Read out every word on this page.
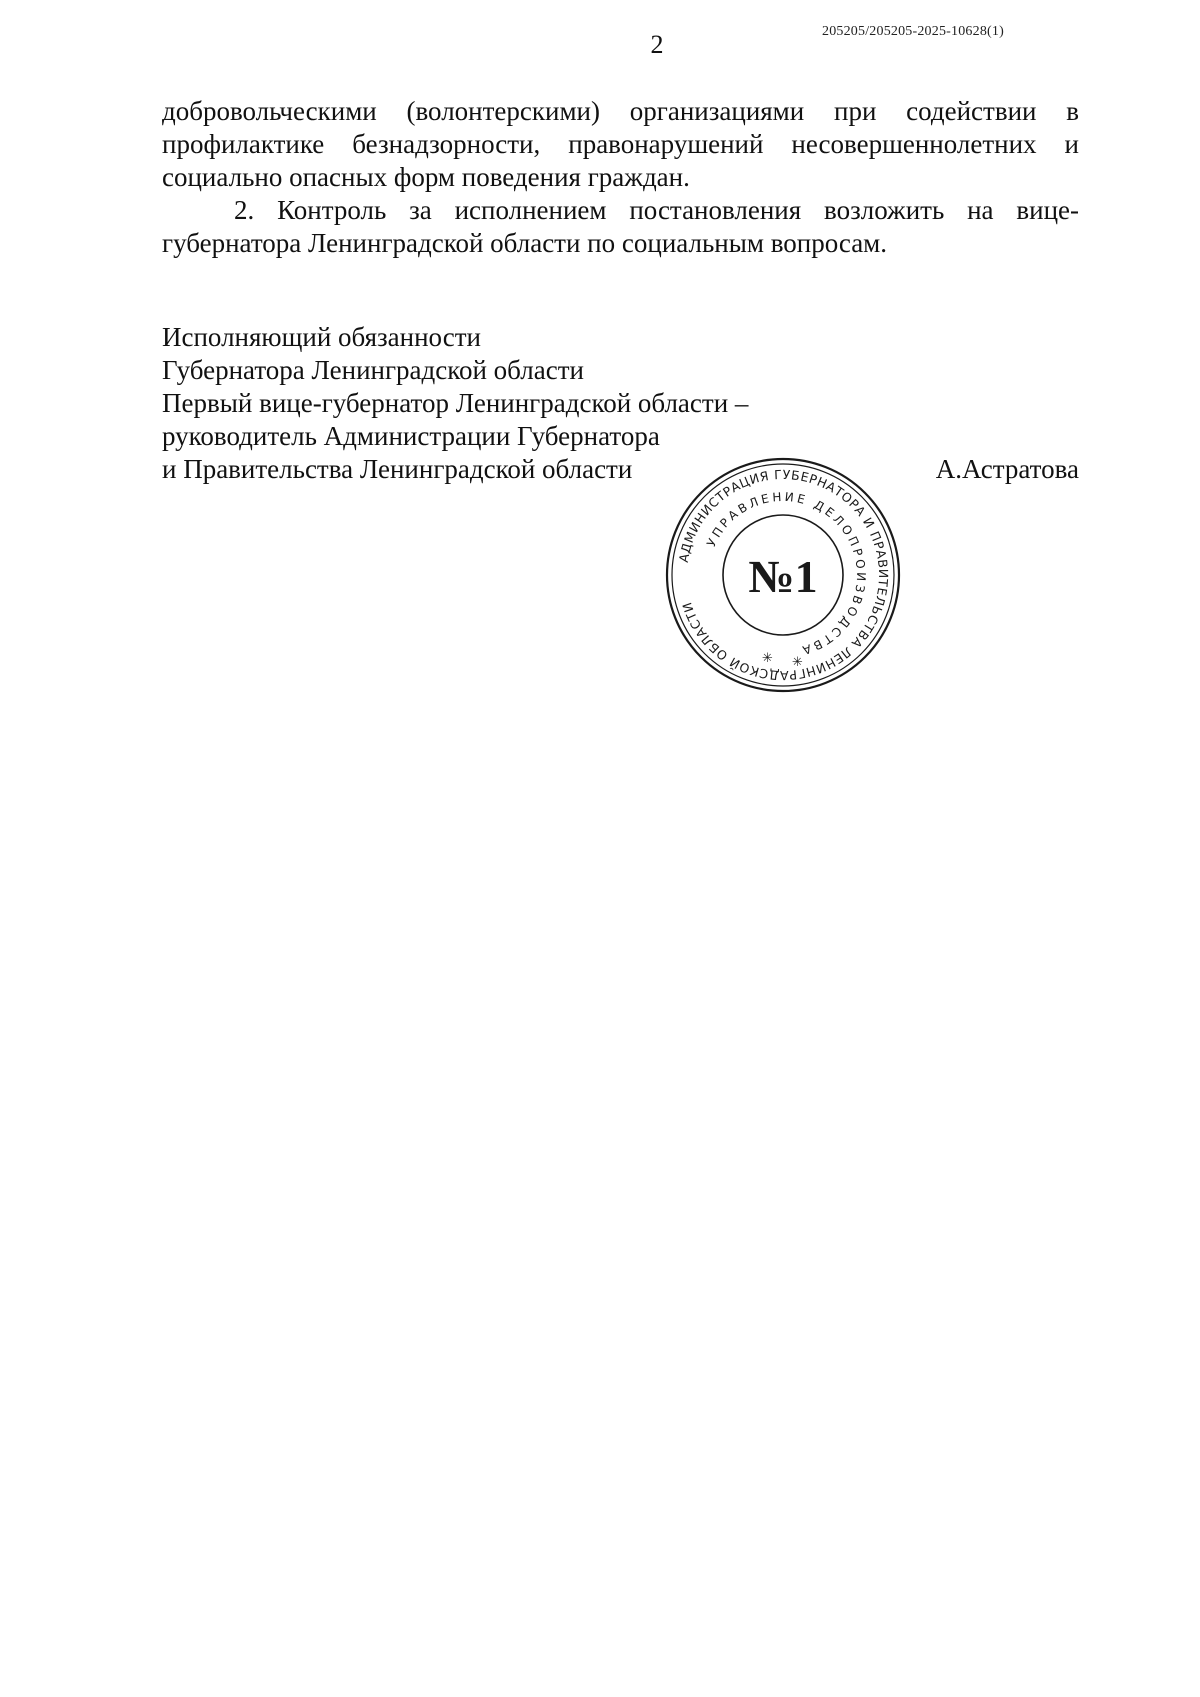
205205/205205-2025-10628(1)
2

добровольческими (волонтерскими) организациями при содействии в профилактике безнадзорности, правонарушений несовершеннолетних и социально опасных форм поведения граждан.

2. Контроль за исполнением постановления возложить на вице-губернатора Ленинградской области по социальным вопросам.

Исполняющий обязанности
Губернатора Ленинградской области
Первый вице-губернатор Ленинградской области –
руководитель Администрации Губернатора
и Правительства Ленинградской области	А.Астратова
АДМИНИСТРАЦИЯ ГУБЕРНАТОРА И ПРАВИТЕЛЬСТВА ЛЕНИНГРАДСКОЙ ОБЛАСТИ
УПРАВЛЕНИЕ ДЕЛОПРОИЗВОДСТВА
№1
✳ ✳
